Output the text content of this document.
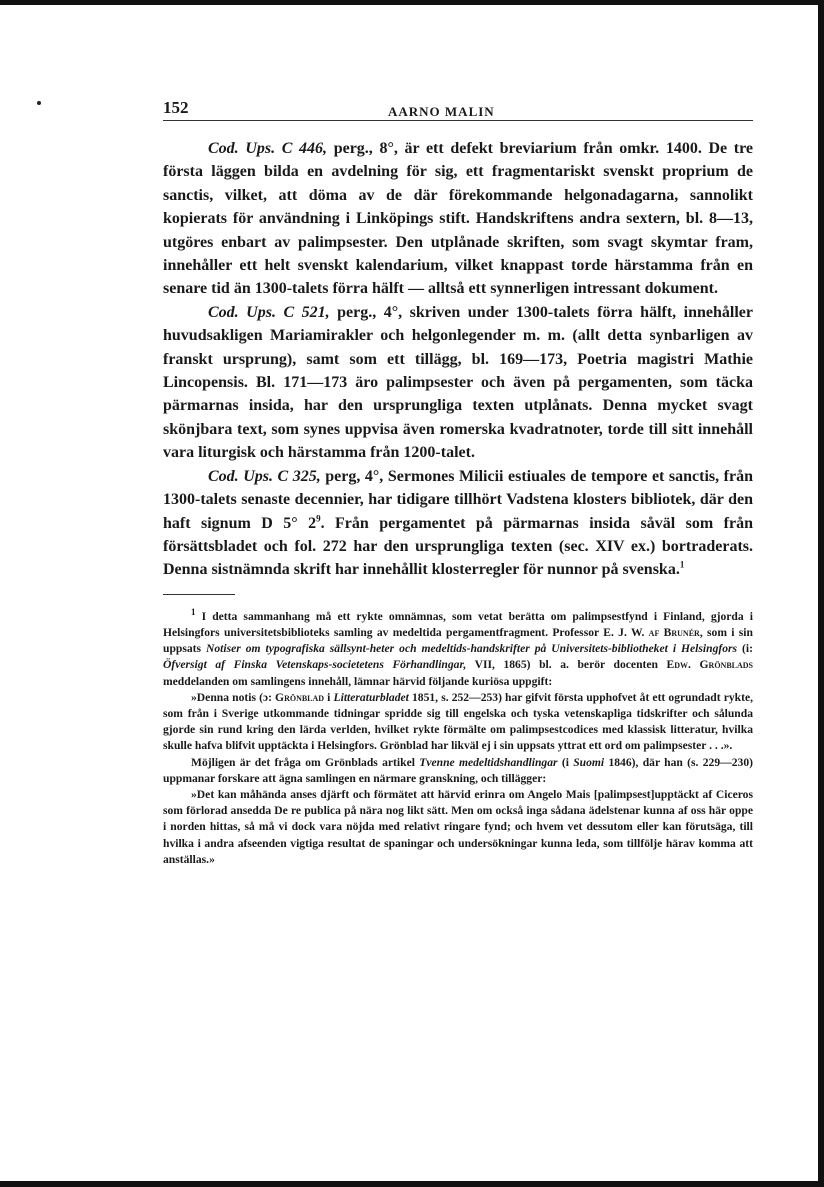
152	AARNO MALIN

Cod. Ups. C 446, perg., 8°, är ett defekt breviarium från omkr. 1400. De tre första läggen bilda en avdelning för sig, ett fragmentariskt svenskt proprium de sanctis, vilket, att döma av de där förekommande helgonadagarna, sannolikt kopierats för användning i Linköpings stift. Handskriftens andra sextern, bl. 8—13, utgöres enbart av palimpsester. Den utplånade skriften, som svagt skymtar fram, innehåller ett helt svenskt kalendarium, vilket knappast torde härstamma från en senare tid än 1300-talets förra hälft — alltså ett synnerligen intressant dokument.

Cod. Ups. C 521, perg., 4°, skriven under 1300-talets förra hälft, innehåller huvudsakligen Mariamirakler och helgonlegender m. m. (allt detta synbarligen av franskt ursprung), samt som ett tillägg, bl. 169—173, Poetria magistri Mathie Lincopensis. Bl. 171—173 äro palimpsester och även på pergamenten, som täcka pärmarnas insida, har den ursprungliga texten utplånats. Denna mycket svagt skönjbara text, som synes uppvisa även romerska kvadratnoter, torde till sitt innehåll vara liturgisk och härstamma från 1200-talet.

Cod. Ups. C 325, perg, 4°, Sermones Milicii estiuales de tempore et sanctis, från 1300-talets senaste decennier, har tidigare tillhört Vadstena klosters bibliotek, där den haft signum D 5° $2^9$. Från pergamentet på pärmarnas insida såväl som från försättsbladet och fol. 272 har den ursprungliga texten (sec. XIV ex.) bortraderats. Denna sistnämnda skrift har innehållit klosterregler för nunnor på svenska.$^1$

$^1$ I detta sammanhang må ett rykte omnämnas, som vetat berätta om palimpsestfynd i Finland, gjorda i Helsingfors universitetsbiblioteks samling av medeltida pergamentfragment. Professor E. J. W. af Brunér, som i sin uppsats Notiser om typografiska sällsynt-heter och medeltids-handskrifter på Universitets-bibliotheket i Helsingfors (i: Öfversigt af Finska Vetenskaps-societetens Förhandlingar, VII, 1865) bl. a. berör docenten Edw. Grönblads meddelanden om samlingens innehåll, lämnar härvid följande kuriösa uppgift:

»Denna notis (ɔ: Grönblad i Litteraturbladet 1851, s. 252—253) har gifvit första upphofvet åt ett ogrundadt rykte, som från i Sverige utkommande tidningar spridde sig till engelska och tyska vetenskapliga tidskrifter och sålunda gjorde sin rund kring den lärda verlden, hvilket rykte förmälte om palimpsestcodices med klassisk litteratur, hvilka skulle hafva blifvit upptäckta i Helsingfors. Grönblad har likväl ej i sin uppsats yttrat ett ord om palimpsester . . .».

Möjligen är det fråga om Grönblads artikel Tvenne medeltidshandlingar (i Suomi 1846), där han (s. 229—230) uppmanar forskare att ägna samlingen en närmare granskning, och tillägger:

»Det kan måhända anses djärft och förmätet att härvid erinra om Angelo Mais [palimpsest]upptäckt af Ciceros som förlorad ansedda De re publica på nära nog likt sätt. Men om också inga sådana ädelstenar kunna af oss här oppe i norden hittas, så må vi dock vara nöjda med relativt ringare fynd; och hvem vet dessutom eller kan förutsäga, till hvilka i andra afseenden vigtiga resultat de spaningar och undersökningar kunna leda, som tillfölje härav komma att anställas.»
